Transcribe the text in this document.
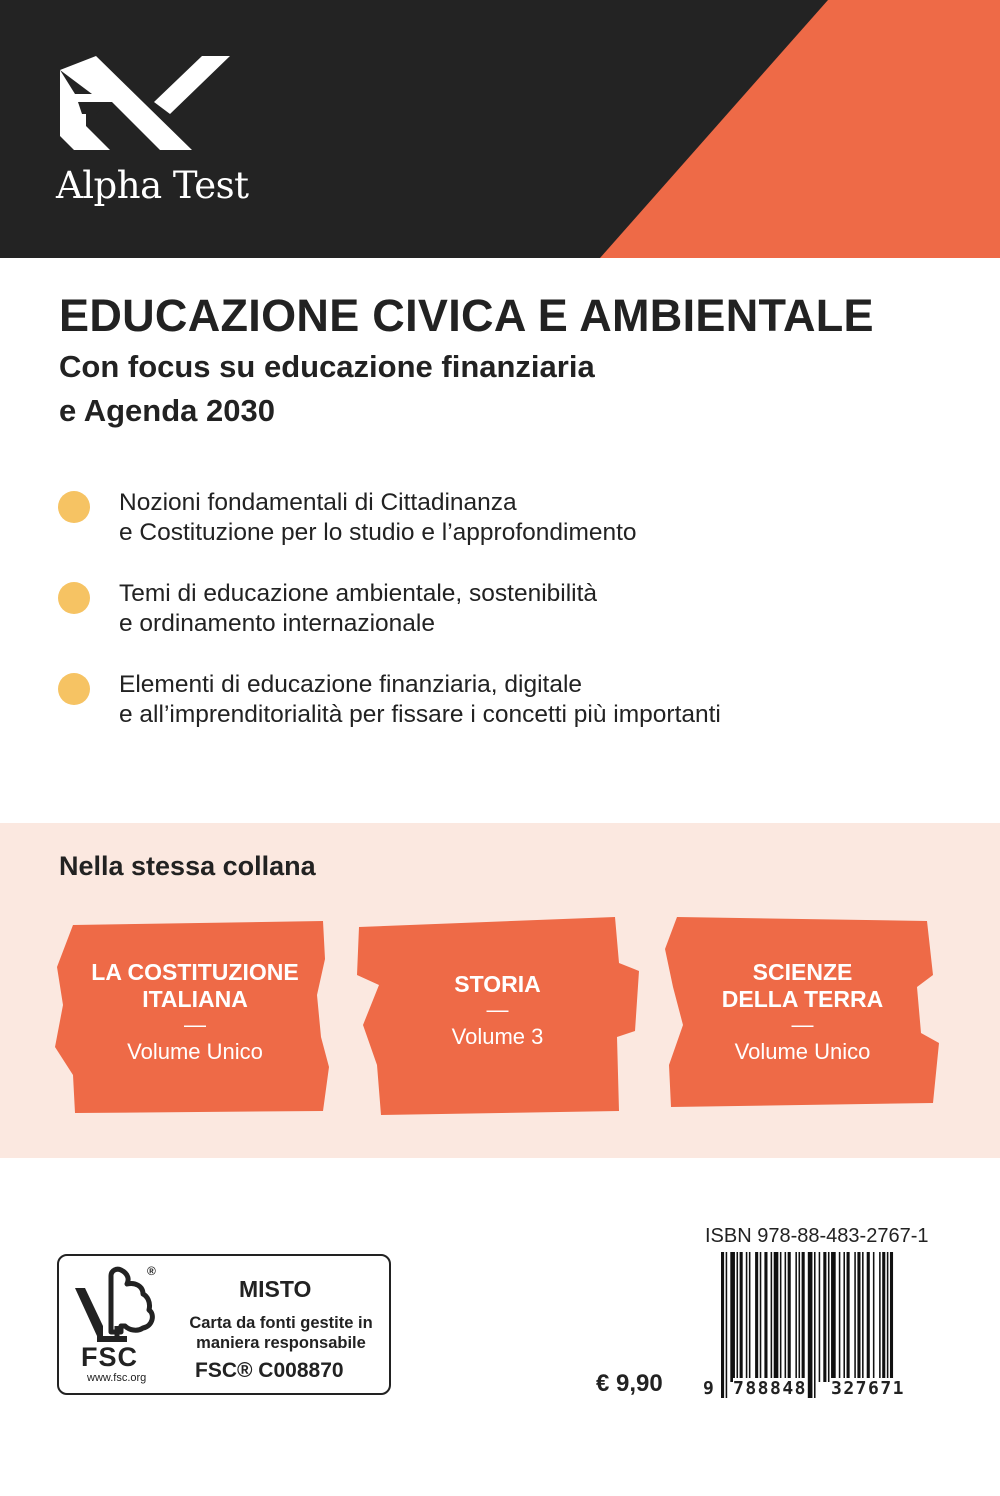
Alpha Test
EDUCAZIONE CIVICA E AMBIENTALE
Con focus su educazione finanziaria
e Agenda 2030
Nozioni fondamentali di Cittadinanza
e Costituzione per lo studio e l’approfondimento
Temi di educazione ambientale, sostenibilità
e ordinamento internazionale
Elementi di educazione finanziaria, digitale
e all’imprenditorialità per fissare i concetti più importanti
Nella stessa collana
LA COSTITUZIONE
ITALIANA
—
Volume Unico
STORIA
—
Volume 3
SCIENZE
DELLA TERRA
—
Volume Unico
®
FSC
www.fsc.org
MISTO
Carta da fonti gestite in
maniera responsabile
FSC® C008870	€ 9,90
ISBN 978-88-483-2767-1
9 788848 327671
